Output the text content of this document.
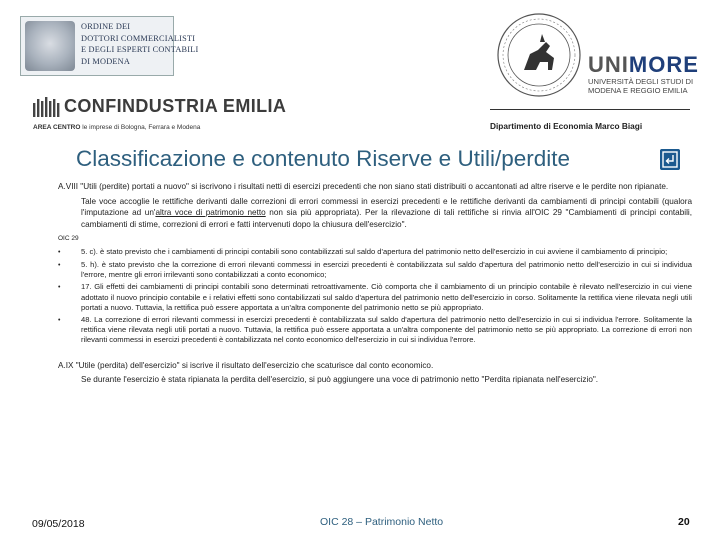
ORDINE DEI
DOTTORI COMMERCIALISTI
E DEGLI ESPERTI CONTABILI
DI MODENA	UNIMORE
UNIVERSITÀ DEGLI STUDI DI
MODENA E REGGIO EMILIA
Dipartimento di Economia Marco Biagi
CONFINDUSTRIA EMILIA
AREA CENTRO le imprese di Bologna, Ferrara e Modena
Classificazione e contenuto Riserve e Utili/perdite

A.VIII "Utili (perdite) portati a nuovo" si iscrivono i risultati netti di esercizi precedenti che non siano stati distribuiti o accantonati ad altre riserve e le perdite non ripianate.

Tale voce accoglie le rettifiche derivanti dalle correzioni di errori commessi in esercizi precedenti e le rettifiche derivanti da cambiamenti di principi contabili (qualora l'imputazione ad un'altra voce di patrimonio netto non sia più appropriata). Per la rilevazione di tali rettifiche si rinvia all'OIC 29 "Cambiamenti di principi contabili, cambiamenti di stime, correzioni di errori e fatti intervenuti dopo la chiusura dell'esercizio".

OIC 29

•	5. c). è stato previsto che i cambiamenti di principi contabili sono contabilizzati sul saldo d'apertura del patrimonio netto dell'esercizio in cui avviene il cambiamento di principio;
•	5. h). è stato previsto che la correzione di errori rilevanti commessi in esercizi precedenti è contabilizzata sul saldo d'apertura del patrimonio netto dell'esercizio in cui si individua l'errore, mentre gli errori irrilevanti sono contabilizzati a conto economico;
•	17. Gli effetti dei cambiamenti di principi contabili sono determinati retroattivamente. Ciò comporta che il cambiamento di un principio contabile è rilevato nell'esercizio in cui viene adottato il nuovo principio contabile e i relativi effetti sono contabilizzati sul saldo d'apertura del patrimonio netto dell'esercizio in corso. Solitamente la rettifica viene rilevata negli utili portati a nuovo. Tuttavia, la rettifica può essere apportata a un'altra componente del patrimonio netto se più appropriato.
•	48. La correzione di errori rilevanti commessi in esercizi precedenti è contabilizzata sul saldo d'apertura del patrimonio netto dell'esercizio in cui si individua l'errore. Solitamente la rettifica viene rilevata negli utili portati a nuovo. Tuttavia, la rettifica può essere apportata a un'altra componente del patrimonio netto se più appropriato. La correzione di errori non rilevanti commessi in esercizi precedenti è contabilizzata nel conto economico dell'esercizio in cui si individua l'errore.

A.IX "Utile (perdita) dell'esercizio" si iscrive il risultato dell'esercizio che scaturisce dal conto economico.

Se durante l'esercizio è stata ripianata la perdita dell'esercizio, si può aggiungere una voce di patrimonio netto "Perdita ripianata nell'esercizio".

09/05/2018	OIC 28 – Patrimonio Netto	20
